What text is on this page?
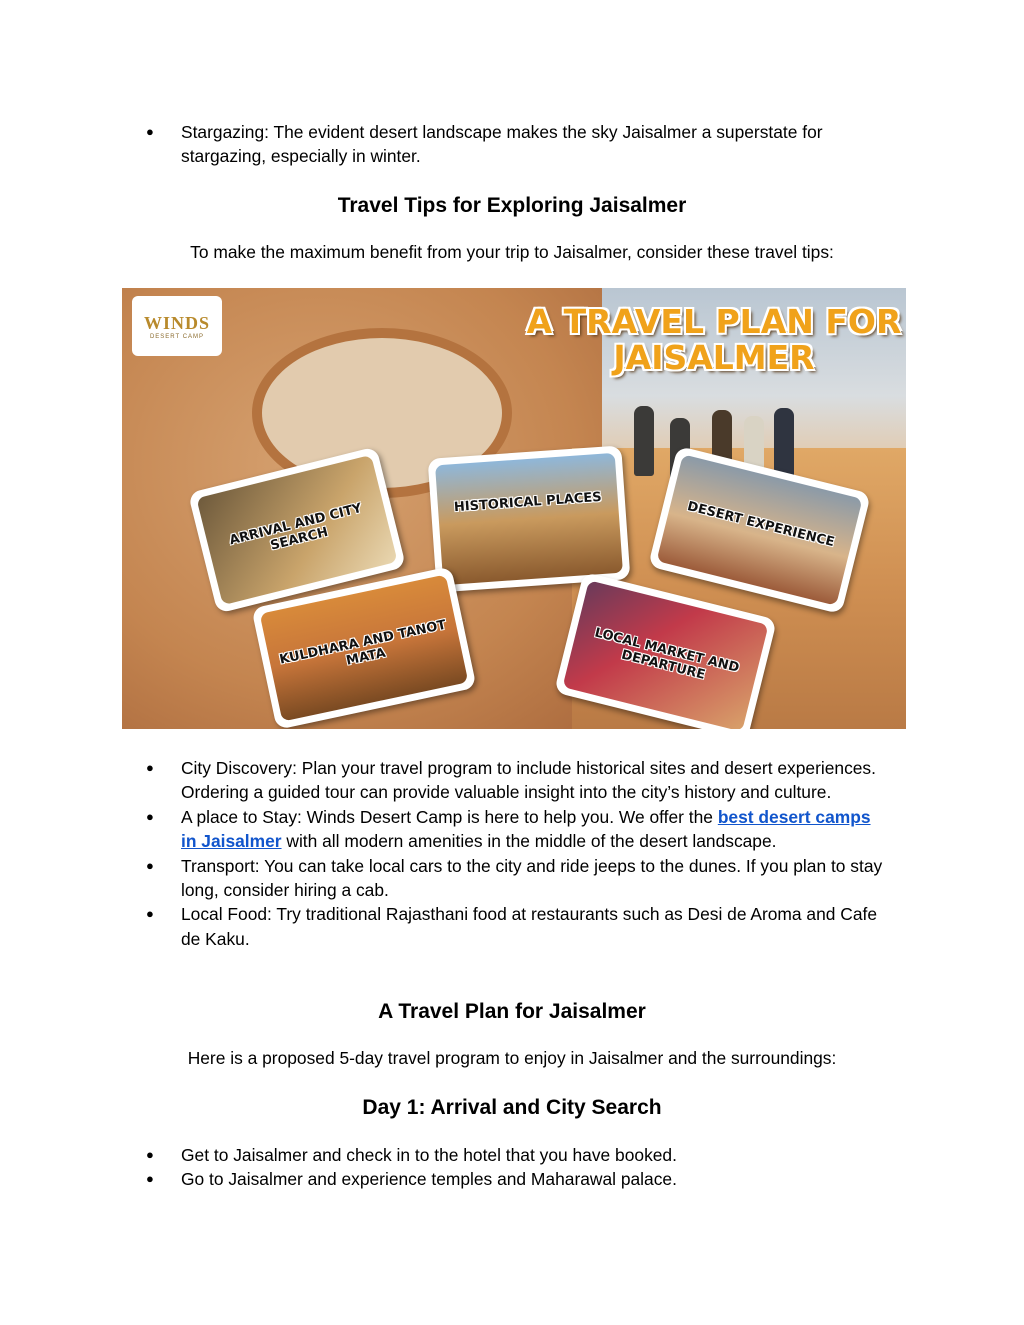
● Stargazing: The evident desert landscape makes the sky Jaisalmer a superstate for stargazing, especially in winter.
Travel Tips for Exploring Jaisalmer

To make the maximum benefit from your trip to Jaisalmer, consider these travel tips:

WINDS
DESERT CAMP	A TRAVEL PLAN FOR JAISALMER
ARRIVAL AND CITY SEARCH
HISTORICAL PLACES	DESERT EXPERIENCE
KULDHARA AND TANOT MATA	LOCAL MARKET AND DEPARTURE
● City Discovery: Plan your travel program to include historical sites and desert experiences. Ordering a guided tour can provide valuable insight into the city’s history and culture.
● A place to Stay: Winds Desert Camp is here to help you. We offer the best desert camps in Jaisalmer with all modern amenities in the middle of the desert landscape.
● Transport: You can take local cars to the city and ride jeeps to the dunes. If you plan to stay long, consider hiring a cab.
● Local Food: Try traditional Rajasthani food at restaurants such as Desi de Aroma and Cafe de Kaku.
A Travel Plan for Jaisalmer

Here is a proposed 5-day travel program to enjoy in Jaisalmer and the surroundings:

Day 1: Arrival and City Search
● Get to Jaisalmer and check in to the hotel that you have booked.
● Go to Jaisalmer and experience temples and Maharawal palace.
